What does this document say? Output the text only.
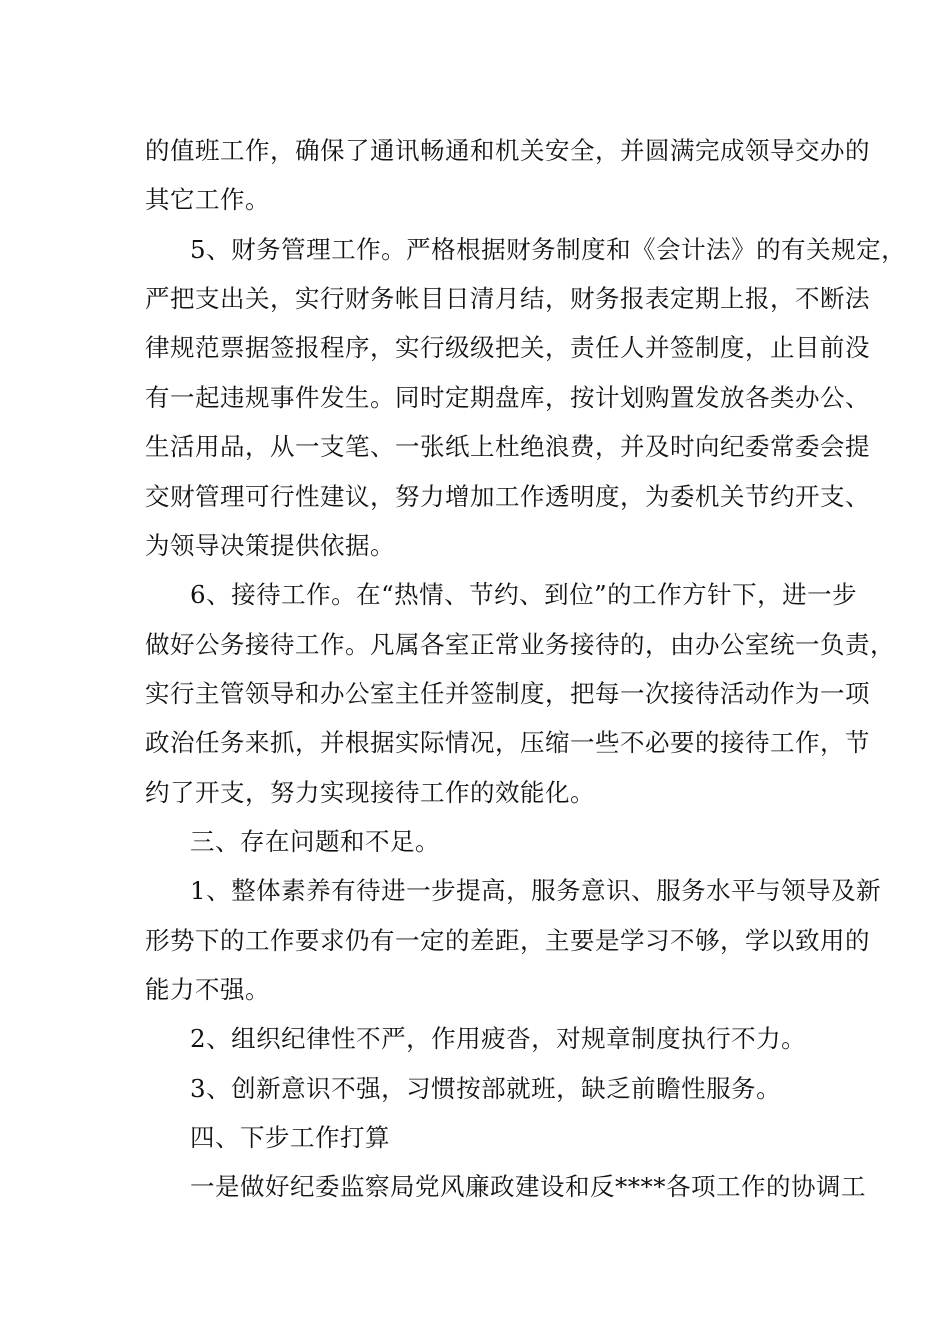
的值班工作，确保了通讯畅通和机关安全，并圆满完成领导交办的
其它工作。
5、财务管理工作。严格根据财务制度和《会计法》的有关规定，
严把支出关，实行财务帐目日清月结，财务报表定期上报，不断法
律规范票据签报程序，实行级级把关，责任人并签制度，止目前没
有一起违规事件发生。同时定期盘库，按计划购置发放各类办公、
生活用品，从一支笔、一张纸上杜绝浪费，并及时向纪委常委会提
交财管理可行性建议，努力增加工作透明度，为委机关节约开支、
为领导决策提供依据。
6、接待工作。在“热情、节约、到位”的工作方针下，进一步
做好公务接待工作。凡属各室正常业务接待的，由办公室统一负责，
实行主管领导和办公室主任并签制度，把每一次接待活动作为一项
政治任务来抓，并根据实际情况，压缩一些不必要的接待工作，节
约了开支，努力实现接待工作的效能化。
三、存在问题和不足。
1、整体素养有待进一步提高，服务意识、服务水平与领导及新
形势下的工作要求仍有一定的差距，主要是学习不够，学以致用的
能力不强。
2、组织纪律性不严，作用疲沓，对规章制度执行不力。
3、创新意识不强，习惯按部就班，缺乏前瞻性服务。
四、下步工作打算
一是做好纪委监察局党风廉政建设和反****各项工作的协调工
